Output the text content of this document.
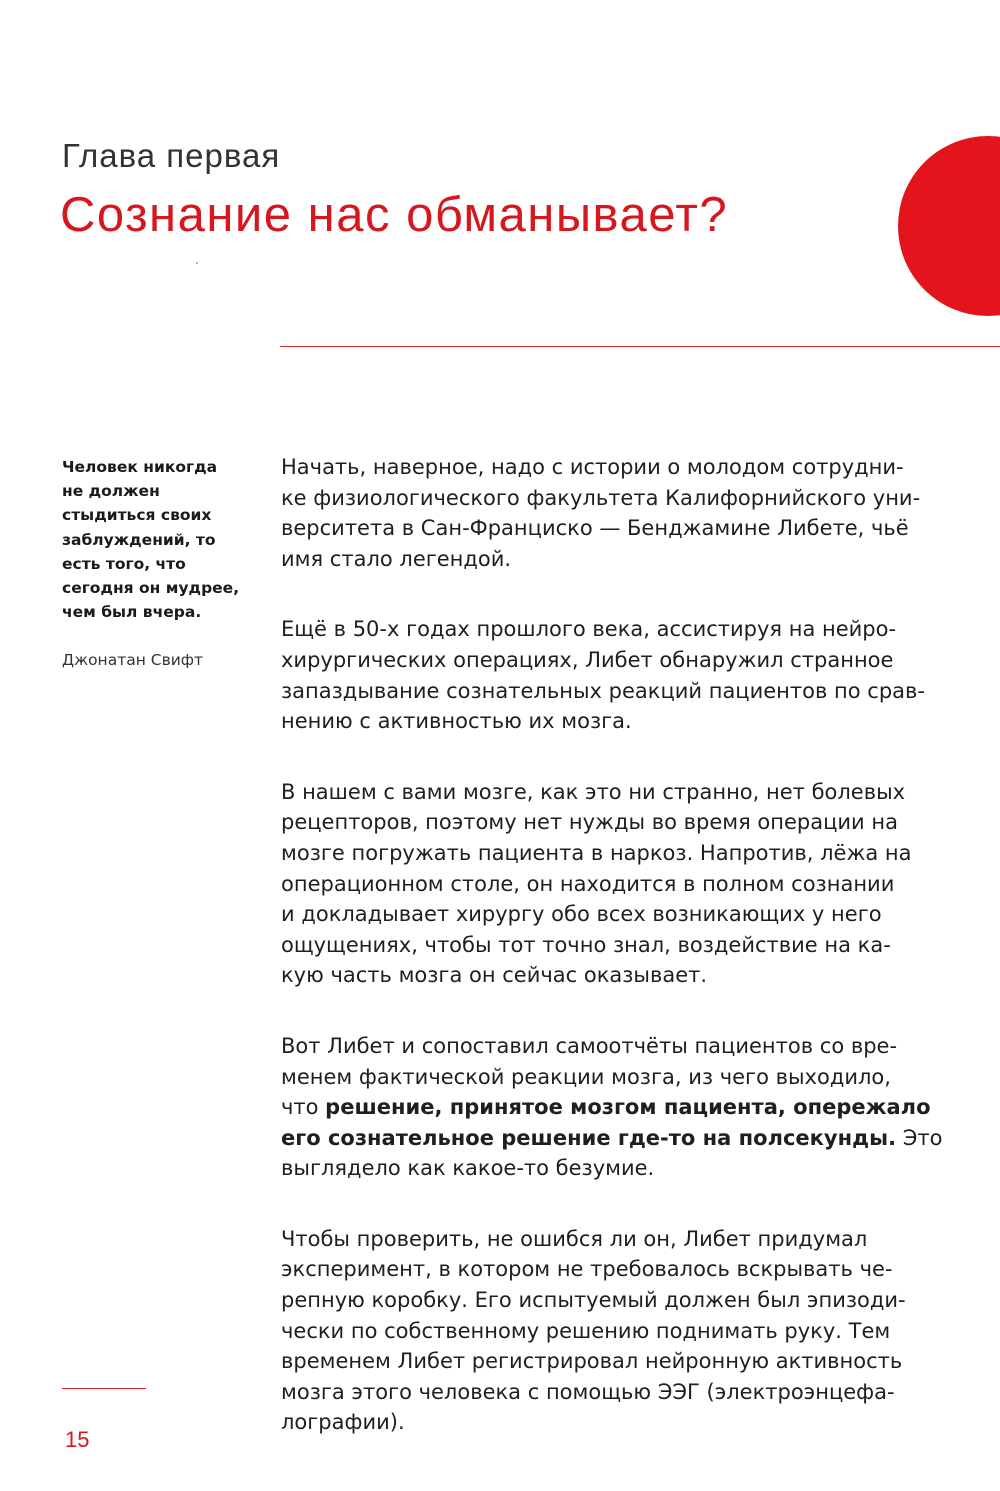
Глава первая
Сознание нас обманывает?

Человек никогда
не должен
стыдиться своих
заблуждений, то
есть того, что
сегодня он мудрее,
чем был вчера.

Джонатан Свифт
Начать, наверное, надо с истории о молодом сотрудни-
ке физиологического факультета Калифорнийского уни-
верситета в Сан-Франциско — Бенджамине Либете, чьё
имя стало легендой.
Ещё в 50-х годах прошлого века, ассистируя на нейро-
хирургических операциях, Либет обнаружил странное
запаздывание сознательных реакций пациентов по срав-
нению с активностью их мозга.
В нашем с вами мозге, как это ни странно, нет болевых
рецепторов, поэтому нет нужды во время операции на
мозге погружать пациента в наркоз. Напротив, лёжа на
операционном столе, он находится в полном сознании
и докладывает хирургу обо всех возникающих у него
ощущениях, чтобы тот точно знал, воздействие на ка-
кую часть мозга он сейчас оказывает.
Вот Либет и сопоставил самоотчёты пациентов со вре-
менем фактической реакции мозга, из чего выходило,
что решение, принятое мозгом пациента, опережало
его сознательное решение где-то на полсекунды. Это
выглядело как какое-то безумие.
Чтобы проверить, не ошибся ли он, Либет придумал
эксперимент, в котором не требовалось вскрывать че-
репную коробку. Его испытуемый должен был эпизоди-
чески по собственному решению поднимать руку. Тем
временем Либет регистрировал нейронную активность
мозга этого человека с помощью ЭЭГ (электроэнцефа-
лографии).
15
